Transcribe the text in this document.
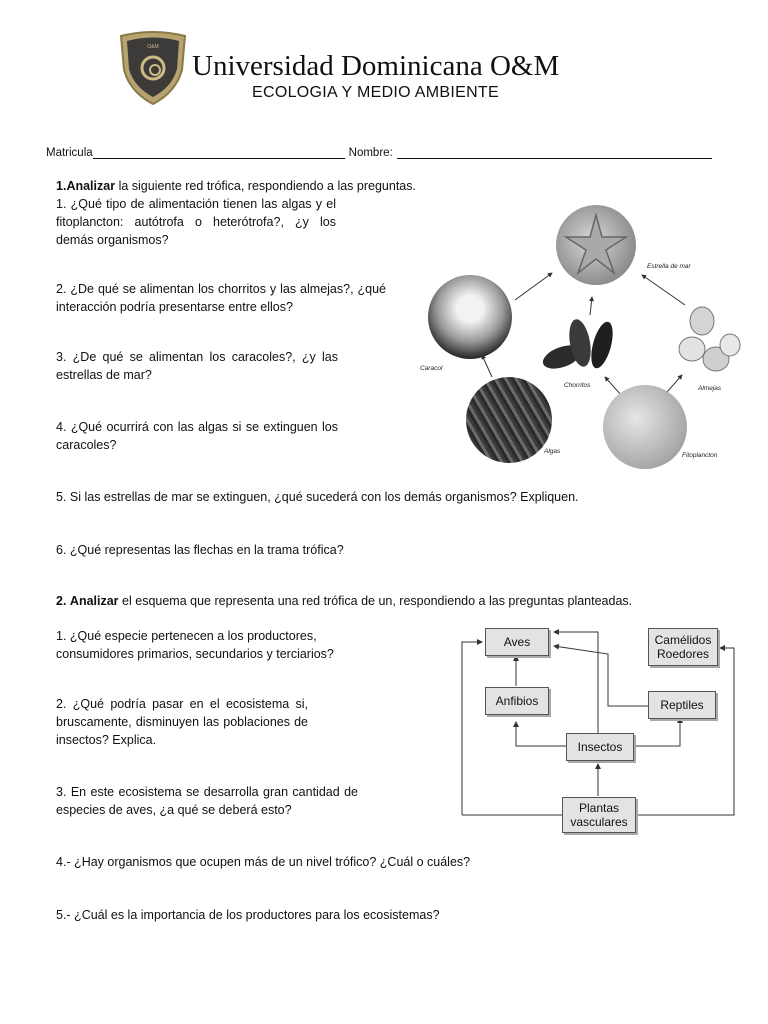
O&M
Universidad Dominicana O&M
ECOLOGIA Y MEDIO AMBIENTE
Matricula	Nombre:
1.Analizar la siguiente red trófica, respondiendo a las preguntas.
1. ¿Qué tipo de alimentación tienen las algas y el fitoplancton: autótrofa o heterótrofa?, ¿y los demás organismos?
2. ¿De qué se alimentan los chorritos y las almejas?, ¿qué interacción podría presentarse entre ellos?
3. ¿De qué se alimentan los caracoles?, ¿y las estrellas de mar?
4. ¿Qué ocurrirá con las algas si se extinguen los caracoles?
5. Si las estrellas de mar se extinguen, ¿qué sucederá con los demás organismos? Expliquen.
6. ¿Qué representas las flechas en la trama trófica?
Estrella de mar
Caracol
Chorritos	Almejas
Algas
Fitoplancton
2. Analizar el esquema que representa una red trófica de un, respondiendo a las preguntas planteadas.
1. ¿Qué especie pertenecen a los productores, consumidores primarios, secundarios y terciarios?
2. ¿Qué podría pasar en el ecosistema si, bruscamente, disminuyen las poblaciones de insectos? Explica.
3. En este ecosistema se desarrolla gran cantidad de especies de aves, ¿a qué se deberá esto?
4.- ¿Hay organismos que ocupen más de un nivel trófico? ¿Cuál o cuáles?
5.- ¿Cuál es la importancia de los productores para los ecosistemas?
Aves	Camélidos
Roedores
Anfibios	Reptiles
Insectos
Plantas
vasculares
